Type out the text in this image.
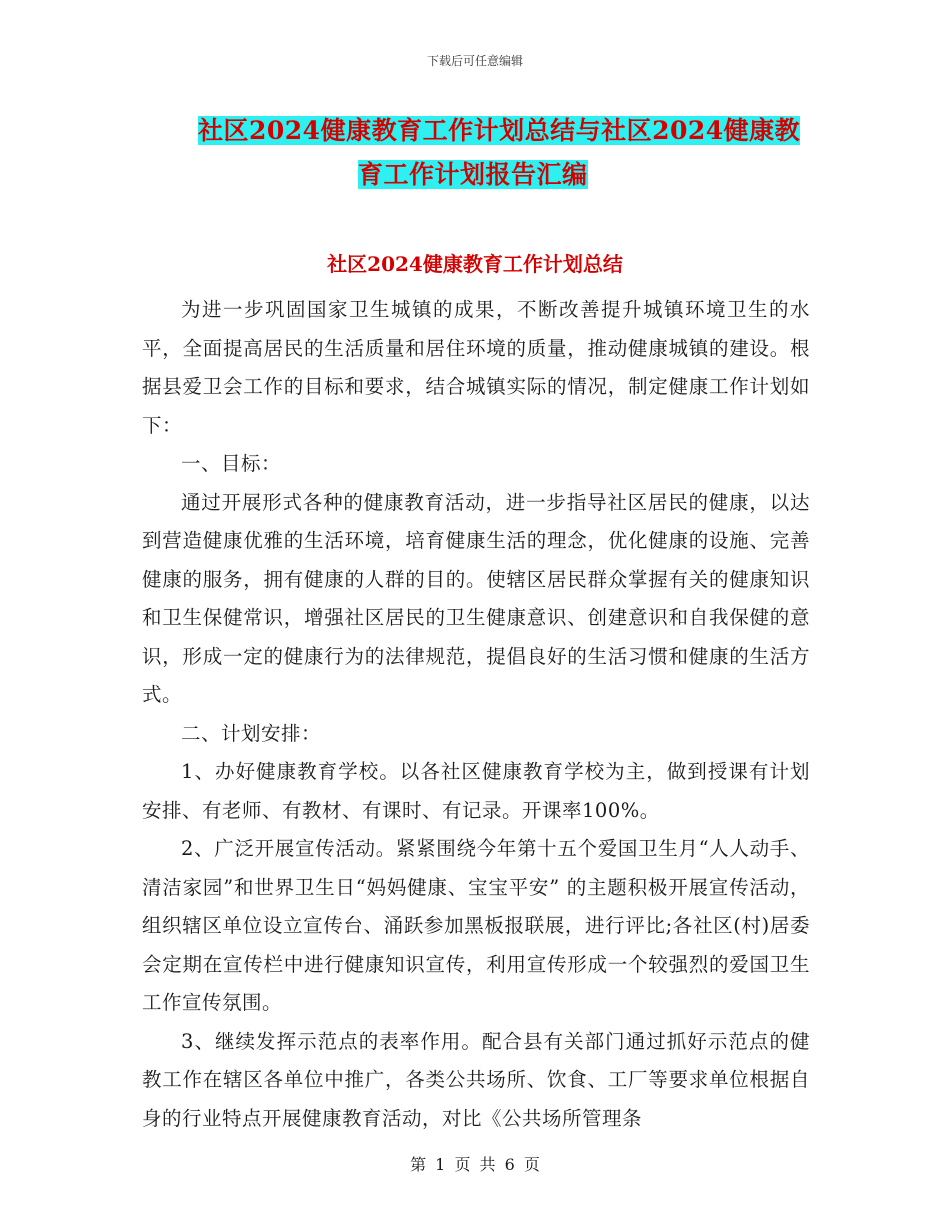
下载后可任意编辑
社区2024健康教育工作计划总结与社区2024健康教
育工作计划报告汇编
社区2024健康教育工作计划总结

为进一步巩固国家卫生城镇的成果，不断改善提升城镇环境卫生的水平，全面提高居民的生活质量和居住环境的质量，推动健康城镇的建设。根据县爱卫会工作的目标和要求，结合城镇实际的情况，制定健康工作计划如下：

一、目标：

通过开展形式各种的健康教育活动，进一步指导社区居民的健康，以达到营造健康优雅的生活环境，培育健康生活的理念，优化健康的设施、完善健康的服务，拥有健康的人群的目的。使辖区居民群众掌握有关的健康知识和卫生保健常识，增强社区居民的卫生健康意识、创建意识和自我保健的意识，形成一定的健康行为的法律规范，提倡良好的生活习惯和健康的生活方式。

二、计划安排：

1、办好健康教育学校。以各社区健康教育学校为主，做到授课有计划安排、有老师、有教材、有课时、有记录。开课率100%。

2、广泛开展宣传活动。紧紧围绕今年第十五个爱国卫生月“人人动手、清洁家园”和世界卫生日“妈妈健康、宝宝平安” 的主题积极开展宣传活动，组织辖区单位设立宣传台、涌跃参加黑板报联展，进行评比;各社区(村)居委会定期在宣传栏中进行健康知识宣传，利用宣传形成一个较强烈的爱国卫生工作宣传氛围。

3、继续发挥示范点的表率作用。配合县有关部门通过抓好示范点的健教工作在辖区各单位中推广，各类公共场所、饮食、工厂等要求单位根据自身的行业特点开展健康教育活动，对比《公共场所管理条

第 1 页 共 6 页
